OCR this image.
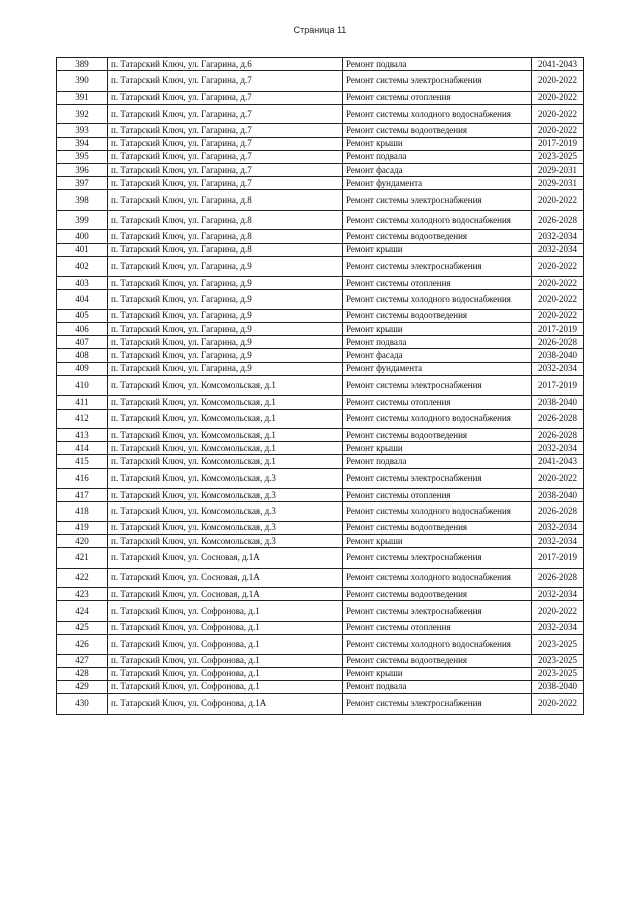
Страница 11
389	п. Татарский Ключ, ул. Гагарина, д.6	Ремонт подвала	2041-2043
390	п. Татарский Ключ, ул. Гагарина, д.7	Ремонт системы электроснабжения	2020-2022
391	п. Татарский Ключ, ул. Гагарина, д.7	Ремонт системы отопления	2020-2022
392	п. Татарский Ключ, ул. Гагарина, д.7	Ремонт системы холодного водоснабжения	2020-2022
393	п. Татарский Ключ, ул. Гагарина, д.7	Ремонт системы водоотведения	2020-2022
394	п. Татарский Ключ, ул. Гагарина, д.7	Ремонт крыши	2017-2019
395	п. Татарский Ключ, ул. Гагарина, д.7	Ремонт подвала	2023-2025
396	п. Татарский Ключ, ул. Гагарина, д.7	Ремонт фасада	2029-2031
397	п. Татарский Ключ, ул. Гагарина, д.7	Ремонт фундамента	2029-2031
398	п. Татарский Ключ, ул. Гагарина, д.8	Ремонт системы электроснабжения	2020-2022
399	п. Татарский Ключ, ул. Гагарина, д.8	Ремонт системы холодного водоснабжения	2026-2028
400	п. Татарский Ключ, ул. Гагарина, д.8	Ремонт системы водоотведения	2032-2034
401	п. Татарский Ключ, ул. Гагарина, д.8	Ремонт крыши	2032-2034
402	п. Татарский Ключ, ул. Гагарина, д.9	Ремонт системы электроснабжения	2020-2022
403	п. Татарский Ключ, ул. Гагарина, д.9	Ремонт системы отопления	2020-2022
404	п. Татарский Ключ, ул. Гагарина, д.9	Ремонт системы холодного водоснабжения	2020-2022
405	п. Татарский Ключ, ул. Гагарина, д.9	Ремонт системы водоотведения	2020-2022
406	п. Татарский Ключ, ул. Гагарина, д.9	Ремонт крыши	2017-2019
407	п. Татарский Ключ, ул. Гагарина, д.9	Ремонт подвала	2026-2028
408	п. Татарский Ключ, ул. Гагарина, д.9	Ремонт фасада	2038-2040
409	п. Татарский Ключ, ул. Гагарина, д.9	Ремонт фундамента	2032-2034
410	п. Татарский Ключ, ул. Комсомольская, д.1	Ремонт системы электроснабжения	2017-2019
411	п. Татарский Ключ, ул. Комсомольская, д.1	Ремонт системы отопления	2038-2040
412	п. Татарский Ключ, ул. Комсомольская, д.1	Ремонт системы холодного водоснабжения	2026-2028
413	п. Татарский Ключ, ул. Комсомольская, д.1	Ремонт системы водоотведения	2026-2028
414	п. Татарский Ключ, ул. Комсомольская, д.1	Ремонт крыши	2032-2034
415	п. Татарский Ключ, ул. Комсомольская, д.1	Ремонт подвала	2041-2043
416	п. Татарский Ключ, ул. Комсомольская, д.3	Ремонт системы электроснабжения	2020-2022
417	п. Татарский Ключ, ул. Комсомольская, д.3	Ремонт системы отопления	2038-2040
418	п. Татарский Ключ, ул. Комсомольская, д.3	Ремонт системы холодного водоснабжения	2026-2028
419	п. Татарский Ключ, ул. Комсомольская, д.3	Ремонт системы водоотведения	2032-2034
420	п. Татарский Ключ, ул. Комсомольская, д.3	Ремонт крыши	2032-2034
421	п. Татарский Ключ, ул. Сосновая, д.1А	Ремонт системы электроснабжения	2017-2019
422	п. Татарский Ключ, ул. Сосновая, д.1А	Ремонт системы холодного водоснабжения	2026-2028
423	п. Татарский Ключ, ул. Сосновая, д.1А	Ремонт системы водоотведения	2032-2034
424	п. Татарский Ключ, ул. Софронова, д.1	Ремонт системы электроснабжения	2020-2022
425	п. Татарский Ключ, ул. Софронова, д.1	Ремонт системы отопления	2032-2034
426	п. Татарский Ключ, ул. Софронова, д.1	Ремонт системы холодного водоснабжения	2023-2025
427	п. Татарский Ключ, ул. Софронова, д.1	Ремонт системы водоотведения	2023-2025
428	п. Татарский Ключ, ул. Софронова, д.1	Ремонт крыши	2023-2025
429	п. Татарский Ключ, ул. Софронова, д.1	Ремонт подвала	2038-2040
430	п. Татарский Ключ, ул. Софронова, д.1А	Ремонт системы электроснабжения	2020-2022
